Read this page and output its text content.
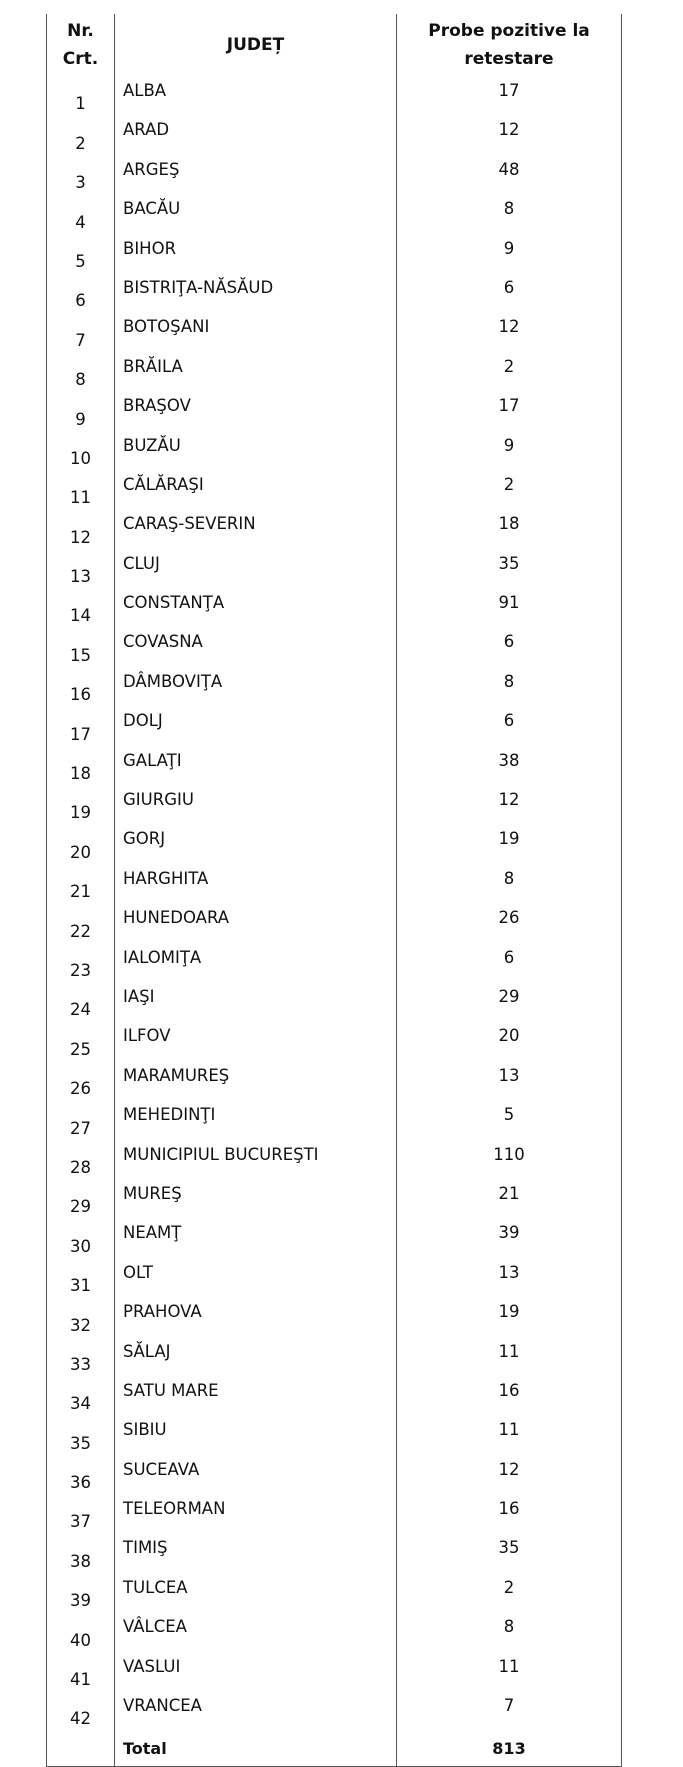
Nr.
Crt.	JUDEȚ	Probe pozitive la
retestare
1	ALBA	17
2	ARAD	12
3	ARGEŞ	48
4	BACĂU	8
5	BIHOR	9
6	BISTRIŢA-NĂSĂUD	6
7	BOTOŞANI	12
8	BRĂILA	2
9	BRAŞOV	17
10	BUZĂU	9
11	CĂLĂRAŞI	2
12	CARAŞ-SEVERIN	18
13	CLUJ	35
14	CONSTANŢA	91
15	COVASNA	6
16	DÂMBOVIŢA	8
17	DOLJ	6
18	GALAŢI	38
19	GIURGIU	12
20	GORJ	19
21	HARGHITA	8
22	HUNEDOARA	26
23	IALOMIŢA	6
24	IAŞI	29
25	ILFOV	20
26	MARAMUREŞ	13
27	MEHEDINŢI	5
28	MUNICIPIUL BUCUREŞTI	110
29	MUREŞ	21
30	NEAMŢ	39
31	OLT	13
32	PRAHOVA	19
33	SĂLAJ	11
34	SATU MARE	16
35	SIBIU	11
36	SUCEAVA	12
37	TELEORMAN	16
38	TIMIŞ	35
39	TULCEA	2
40	VÂLCEA	8
41	VASLUI	11
42	VRANCEA	7
	Total	813
